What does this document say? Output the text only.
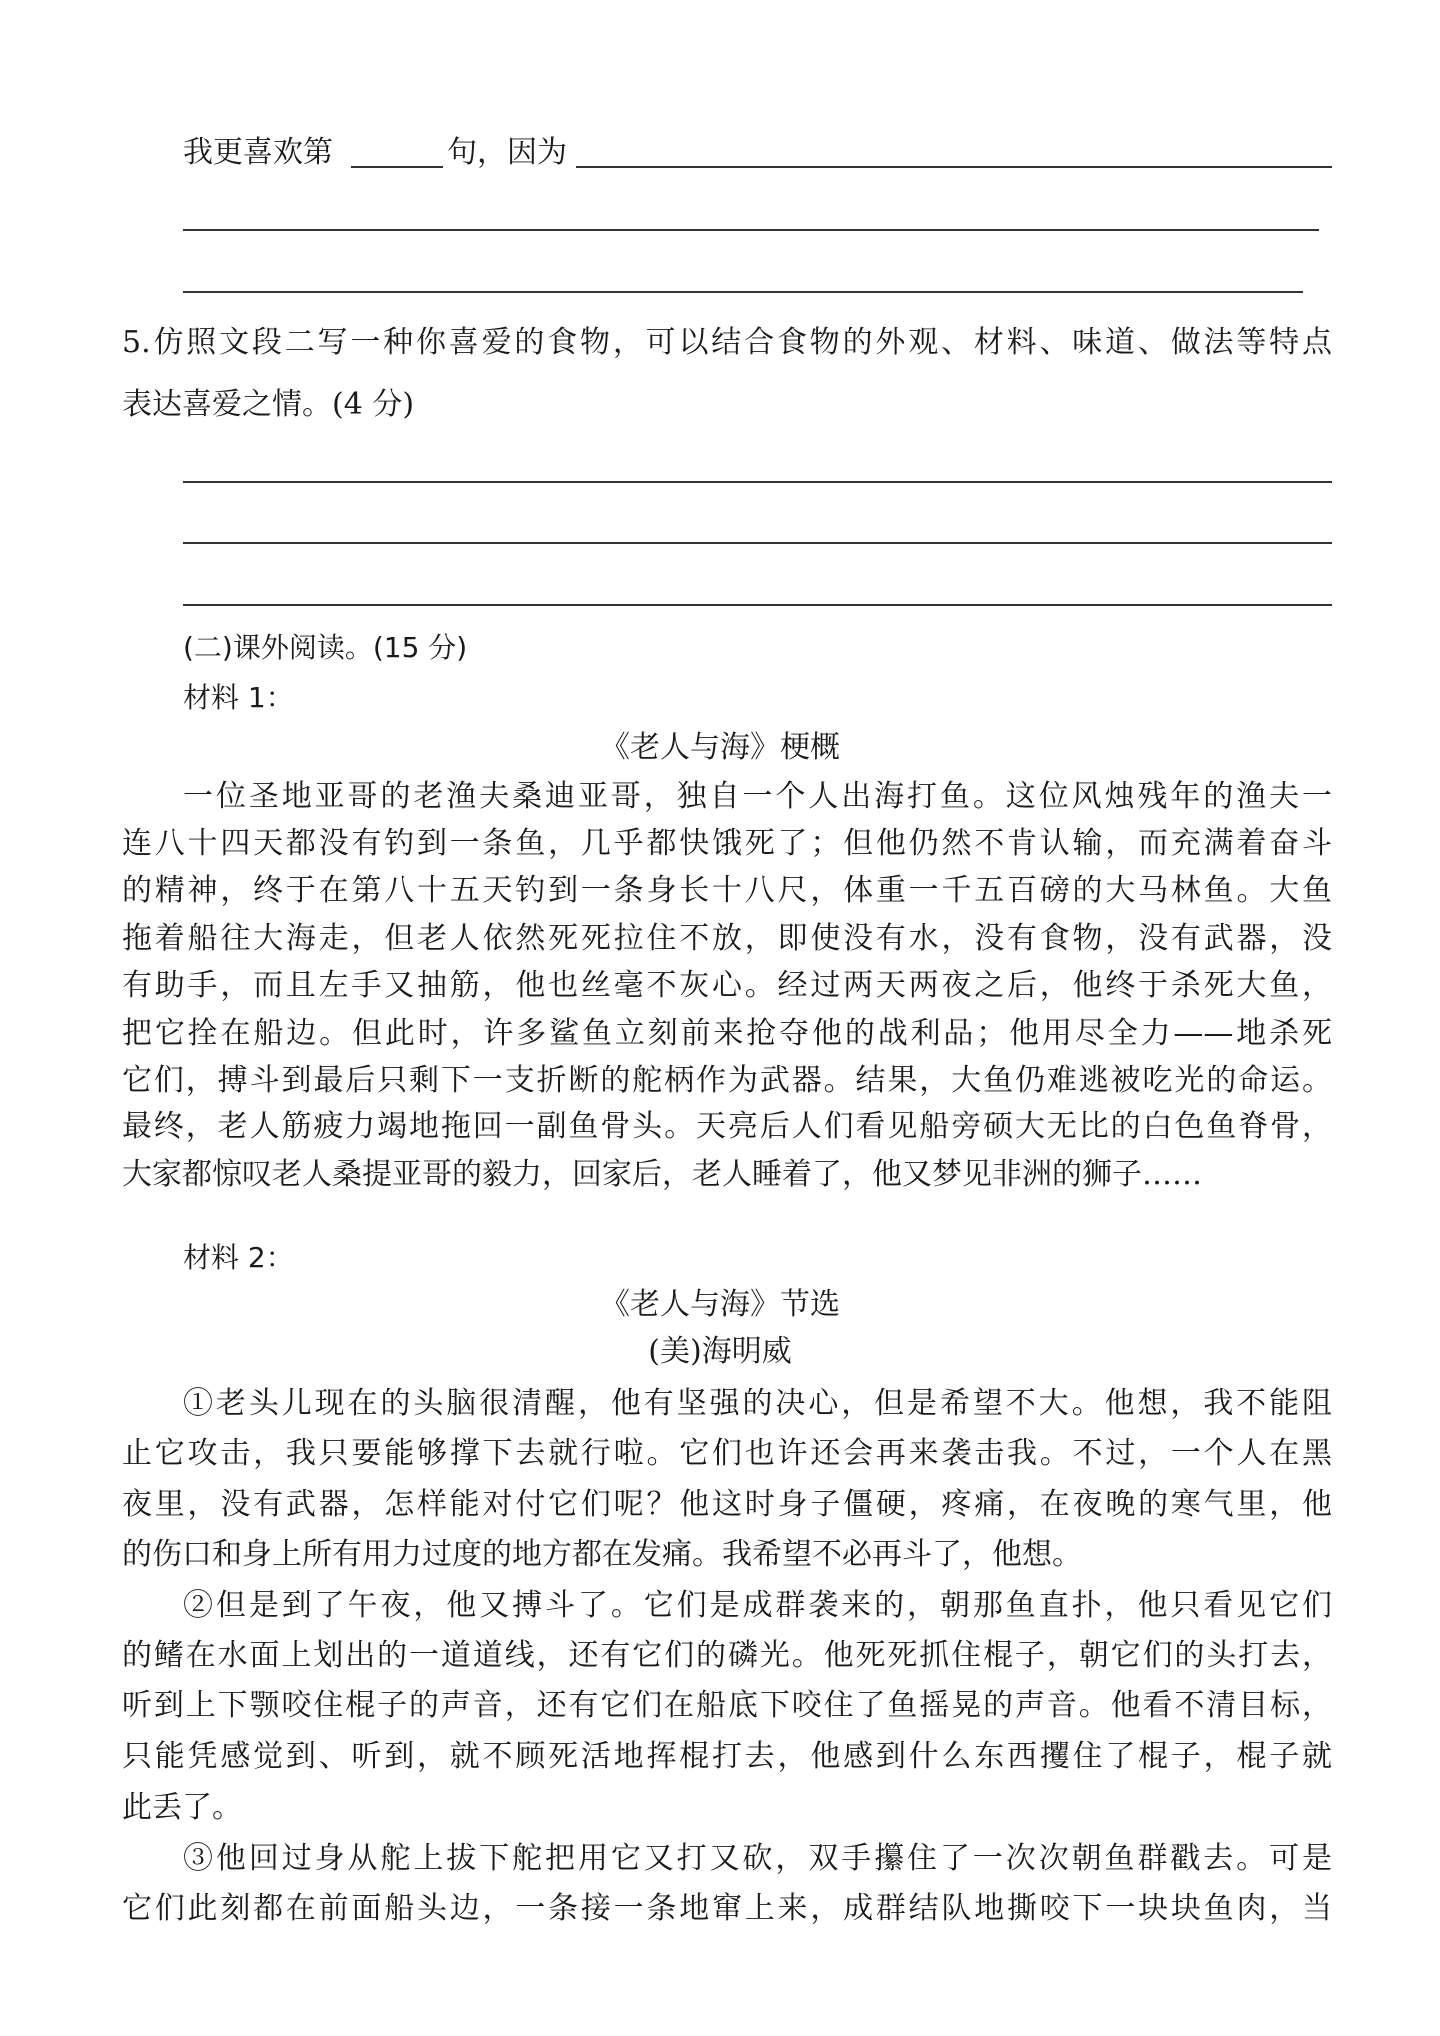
我更喜欢第	句，因为
5.仿照文段二写一种你喜爱的食物，可以结合食物的外观、材料、味道、做法等特点
表达喜爱之情。(4 分)
(二)课外阅读。(15 分)
材料 1：
《老人与海》梗概
一位圣地亚哥的老渔夫桑迪亚哥，独自一个人出海打鱼。这位风烛残年的渔夫一
连八十四天都没有钓到一条鱼，几乎都快饿死了；但他仍然不肯认输，而充满着奋斗
的精神，终于在第八十五天钓到一条身长十八尺，体重一千五百磅的大马林鱼。大鱼
拖着船往大海走，但老人依然死死拉住不放，即使没有水，没有食物，没有武器，没
有助手，而且左手又抽筋，他也丝毫不灰心。经过两天两夜之后，他终于杀死大鱼，
把它拴在船边。但此时，许多鲨鱼立刻前来抢夺他的战利品；他用尽全力——地杀死
它们，搏斗到最后只剩下一支折断的舵柄作为武器。结果，大鱼仍难逃被吃光的命运。
最终，老人筋疲力竭地拖回一副鱼骨头。天亮后人们看见船旁硕大无比的白色鱼脊骨，
大家都惊叹老人桑提亚哥的毅力，回家后，老人睡着了，他又梦见非洲的狮子……
材料 2：
《老人与海》节选
(美)海明威
①老头儿现在的头脑很清醒，他有坚强的决心，但是希望不大。他想，我不能阻
止它攻击，我只要能够撑下去就行啦。它们也许还会再来袭击我。不过，一个人在黑
夜里，没有武器，怎样能对付它们呢？他这时身子僵硬，疼痛，在夜晚的寒气里，他
的伤口和身上所有用力过度的地方都在发痛。我希望不必再斗了，他想。
②但是到了午夜，他又搏斗了。它们是成群袭来的，朝那鱼直扑，他只看见它们
的鳍在水面上划出的一道道线，还有它们的磷光。他死死抓住棍子，朝它们的头打去，
听到上下颚咬住棍子的声音，还有它们在船底下咬住了鱼摇晃的声音。他看不清目标，
只能凭感觉到、听到，就不顾死活地挥棍打去，他感到什么东西攫住了棍子，棍子就
此丢了。
③他回过身从舵上拔下舵把用它又打又砍，双手攥住了一次次朝鱼群戳去。可是
它们此刻都在前面船头边，一条接一条地窜上来，成群结队地撕咬下一块块鱼肉，当
